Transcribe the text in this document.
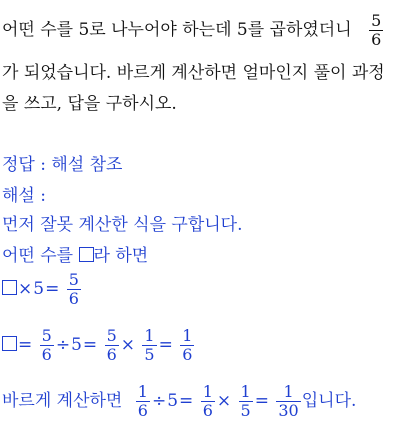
어떤 수를 5로 나누어야 하는데 5를 곱하였더니 $\frac{5}{6}$
가 되었습니다. 바르게 계산하면 얼마인지 풀이 과정
을 쓰고, 답을 구하시오.
정답 : 해설 참조
해설 :
먼저 잘못 계산한 식을 구합니다.
어떤 수를 라 하면
$\times 5= \frac{5}{6}$
= $\frac{5}{6} \div 5= \frac{5}{6} \times \frac{1}{5} = \frac{1}{6}$
바르게 계산하면 $\frac{1}{6} \div 5= \frac{1}{6} \times \frac{1}{5} = \frac{1}{30}$ 입니다.
